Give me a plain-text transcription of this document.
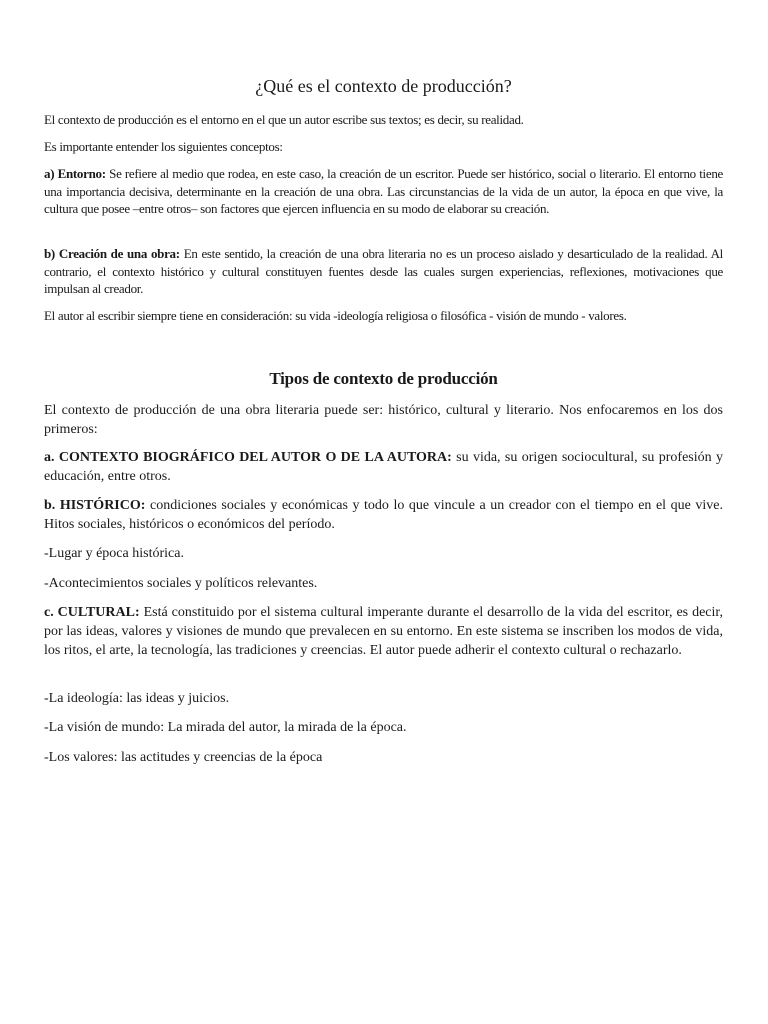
¿Qué es el contexto de producción?

El contexto de producción es el entorno en el que un autor escribe sus textos; es decir, su realidad.

Es importante entender los siguientes conceptos:

a) Entorno: Se refiere al medio que rodea, en este caso, la creación de un escritor. Puede ser histórico, social o literario. El entorno tiene una importancia decisiva, determinante en la creación de una obra. Las circunstancias de la vida de un autor, la época en que vive, la cultura que posee –entre otros– son factores que ejercen influencia en su modo de elaborar su creación.

b) Creación de una obra: En este sentido, la creación de una obra literaria no es un proceso aislado y desarticulado de la realidad. Al contrario, el contexto histórico y cultural constituyen fuentes desde las cuales surgen experiencias, reflexiones, motivaciones que impulsan al creador.

El autor al escribir siempre tiene en consideración: su vida -ideología religiosa o filosófica - visión de mundo - valores.

Tipos de contexto de producción

El contexto de producción de una obra literaria puede ser: histórico, cultural y literario. Nos enfocaremos en los dos primeros:

a. CONTEXTO BIOGRÁFICO DEL AUTOR O DE LA AUTORA: su vida, su origen sociocultural, su profesión y educación, entre otros.

b. HISTÓRICO: condiciones sociales y económicas y todo lo que vincule a un creador con el tiempo en el que vive. Hitos sociales, históricos o económicos del período.

-Lugar y época histórica.

-Acontecimientos sociales y políticos relevantes.

c. CULTURAL: Está constituido por el sistema cultural imperante durante el desarrollo de la vida del escritor, es decir, por las ideas, valores y visiones de mundo que prevalecen en su entorno. En este sistema se inscriben los modos de vida, los ritos, el arte, la tecnología, las tradiciones y creencias. El autor puede adherir el contexto cultural o rechazarlo.

-La ideología: las ideas y juicios.

-La visión de mundo: La mirada del autor, la mirada de la época.

-Los valores: las actitudes y creencias de la época
